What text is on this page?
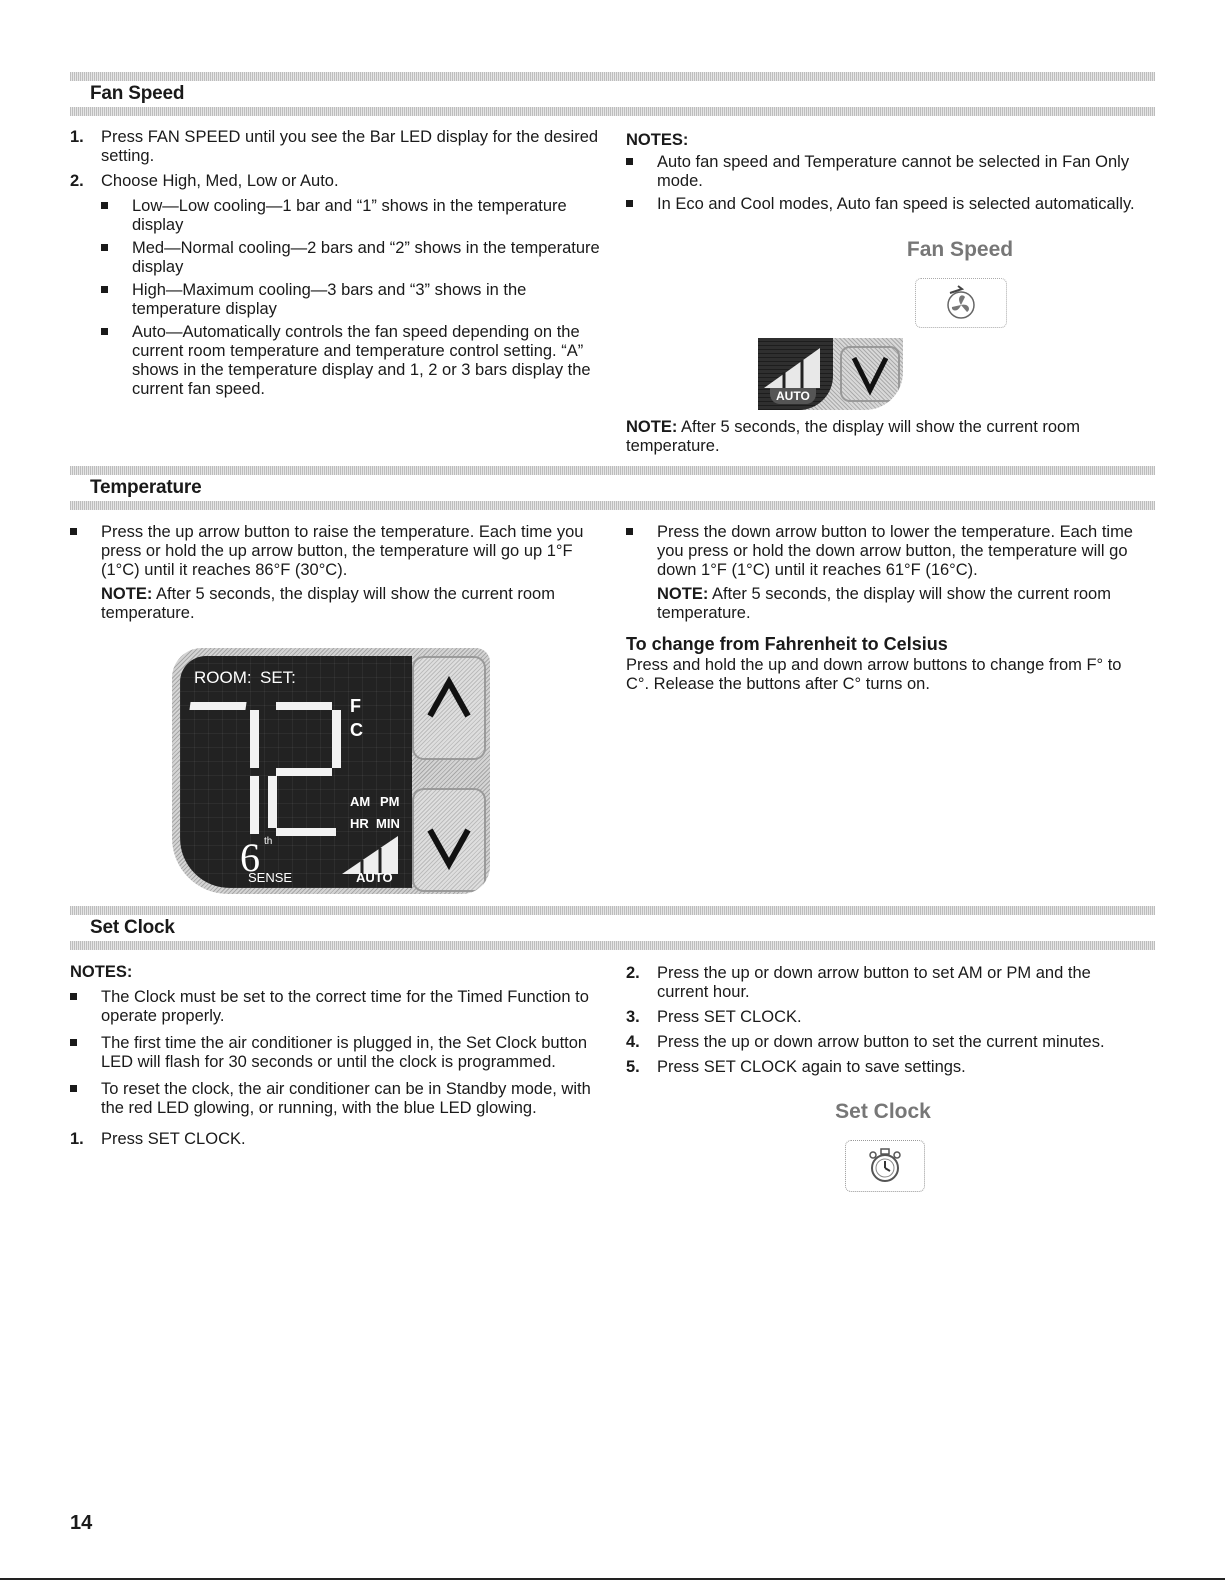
Fan Speed
1. Press FAN SPEED until you see the Bar LED display for the desired setting.
2. Choose High, Med, Low or Auto.
Low—Low cooling—1 bar and “1” shows in the temperature display
Med—Normal cooling—2 bars and “2” shows in the temperature display
High—Maximum cooling—3 bars and “3” shows in the temperature display
Auto—Automatically controls the fan speed depending on the current room temperature and temperature control setting. “A” shows in the temperature display and 1, 2 or 3 bars display the current fan speed.
NOTES:
Auto fan speed and Temperature cannot be selected in Fan Only mode.
In Eco and Cool modes, Auto fan speed is selected automatically.
Fan Speed
AUTO

NOTE: After 5 seconds, the display will show the current room temperature.

Temperature

Press the up arrow button to raise the temperature. Each time you press or hold the up arrow button, the temperature will go up 1°F (1°C) until it reaches 86°F (30°C).

NOTE: After 5 seconds, the display will show the current room temperature.

Press the down arrow button to lower the temperature. Each time you press or hold the down arrow button, the temperature will go down 1°F (1°C) until it reaches 61°F (16°C).

NOTE: After 5 seconds, the display will show the current room temperature.

To change from Fahrenheit to Celsius

Press and hold the up and down arrow buttons to change from F° to C°. Release the buttons after C° turns on.

ROOM: SET:
F
C
AM PM
HR MIN
6 th
SENSE	AUTO
Set Clock
NOTES:
The Clock must be set to the correct time for the Timed Function to operate properly.
The first time the air conditioner is plugged in, the Set Clock button LED will flash for 30 seconds or until the clock is programmed.
To reset the clock, the air conditioner can be in Standby mode, with the red LED glowing, or running, with the blue LED glowing.
1. Press SET CLOCK.
2. Press the up or down arrow button to set AM or PM and the current hour.
3. Press SET CLOCK.
4. Press the up or down arrow button to set the current minutes.
5. Press SET CLOCK again to save settings.
Set Clock
14
